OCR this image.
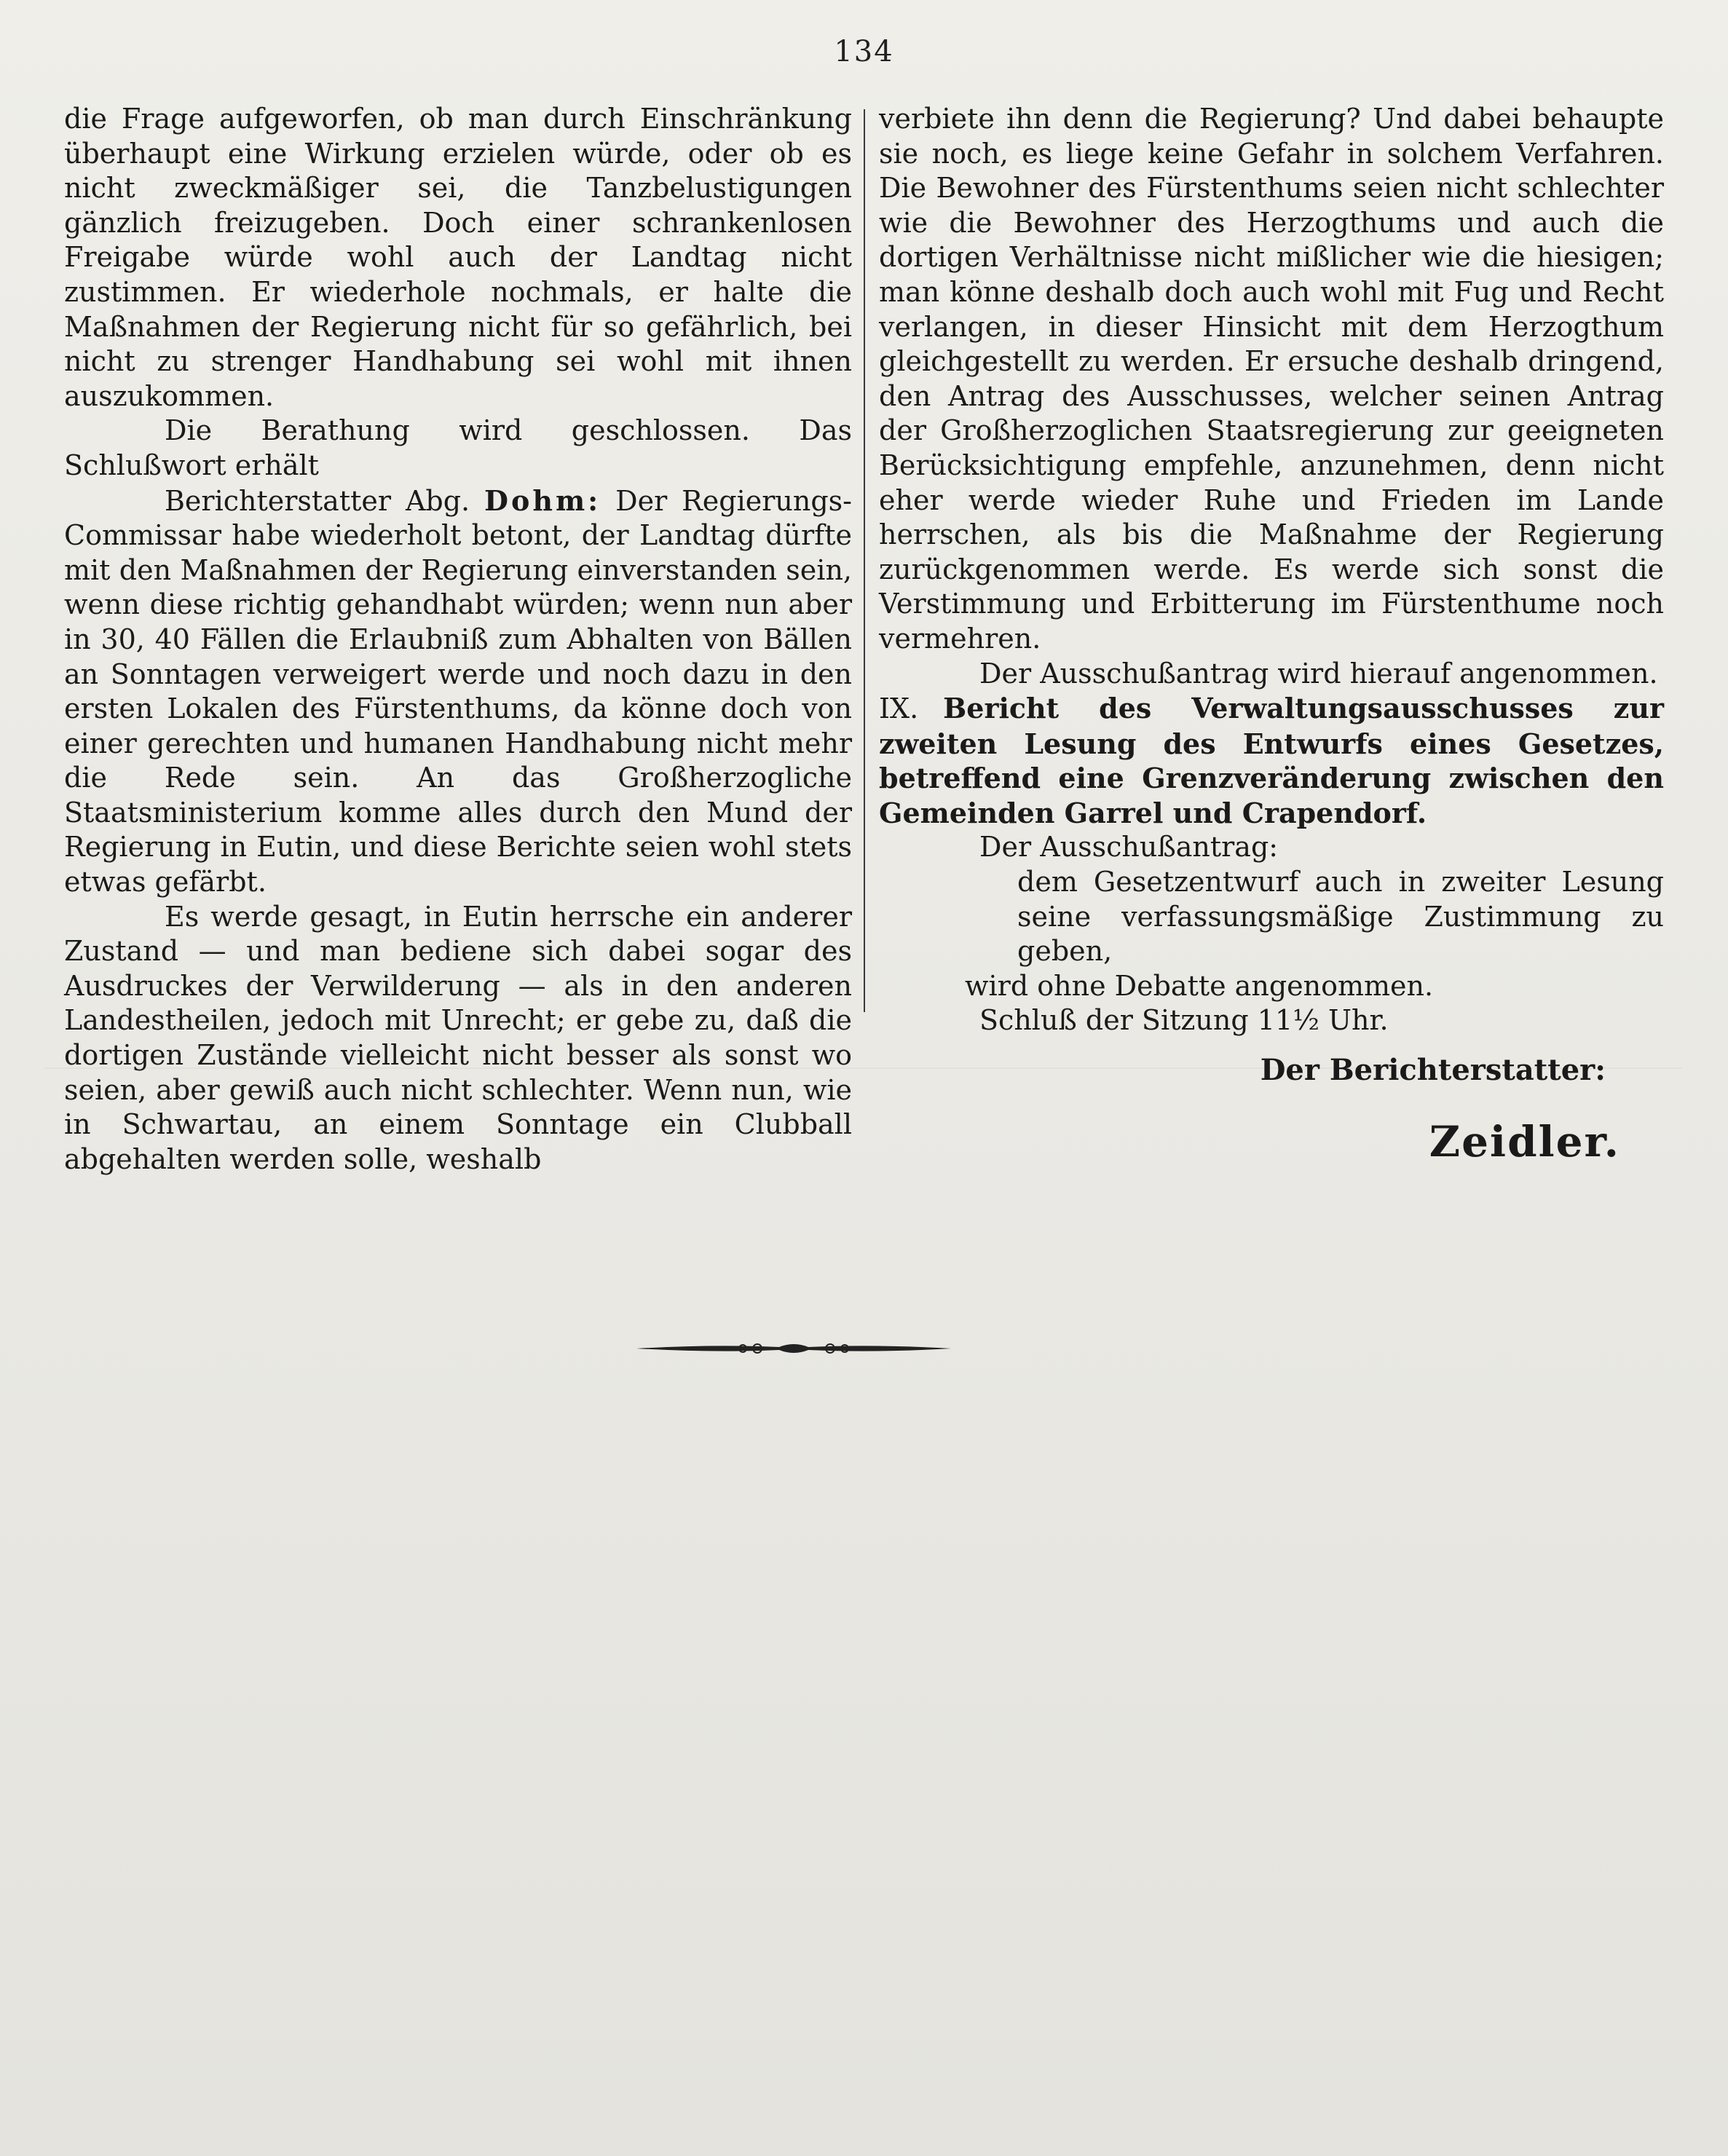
134

die Frage aufgeworfen, ob man durch Einschränkung überhaupt eine Wirkung erzielen würde, oder ob es nicht zweckmäßiger sei, die Tanzbelustigungen gänzlich freizugeben. Doch einer schrankenlosen Freigabe würde wohl auch der Landtag nicht zustimmen. Er wiederhole nochmals, er halte die Maßnahmen der Regierung nicht für so gefährlich, bei nicht zu strenger Handhabung sei wohl mit ihnen auszukommen.

Die Berathung wird geschlossen. Das Schlußwort erhält

Berichterstatter Abg. Dohm: Der Regierungs-Commissar habe wiederholt betont, der Landtag dürfte mit den Maßnahmen der Regierung einverstanden sein, wenn diese richtig gehandhabt würden; wenn nun aber in 30, 40 Fällen die Erlaubniß zum Abhalten von Bällen an Sonntagen verweigert werde und noch dazu in den ersten Lokalen des Fürstenthums, da könne doch von einer gerechten und humanen Handhabung nicht mehr die Rede sein. An das Großherzogliche Staatsministerium komme alles durch den Mund der Regierung in Eutin, und diese Berichte seien wohl stets etwas gefärbt.

Es werde gesagt, in Eutin herrsche ein anderer Zustand — und man bediene sich dabei sogar des Ausdruckes der Verwilderung — als in den anderen Landestheilen, jedoch mit Unrecht; er gebe zu, daß die dortigen Zustände vielleicht nicht besser als sonst wo seien, aber gewiß auch nicht schlechter. Wenn nun, wie in Schwartau, an einem Sonntage ein Clubball abgehalten werden solle, weshalb

verbiete ihn denn die Regierung? Und dabei behaupte sie noch, es liege keine Gefahr in solchem Verfahren. Die Bewohner des Fürstenthums seien nicht schlechter wie die Bewohner des Herzogthums und auch die dortigen Verhältnisse nicht mißlicher wie die hiesigen; man könne deshalb doch auch wohl mit Fug und Recht verlangen, in dieser Hinsicht mit dem Herzogthum gleichgestellt zu werden. Er ersuche deshalb dringend, den Antrag des Ausschusses, welcher seinen Antrag der Großherzoglichen Staatsregierung zur geeigneten Berücksichtigung empfehle, anzunehmen, denn nicht eher werde wieder Ruhe und Frieden im Lande herrschen, als bis die Maßnahme der Regierung zurückgenommen werde. Es werde sich sonst die Verstimmung und Erbitterung im Fürstenthume noch vermehren.

Der Ausschußantrag wird hierauf angenommen.

IX. Bericht des Verwaltungsausschusses zur zweiten Lesung des Entwurfs eines Gesetzes, betreffend eine Grenzveränderung zwischen den Gemeinden Garrel und Crapendorf.

Der Ausschußantrag:

dem Gesetzentwurf auch in zweiter Lesung seine verfassungsmäßige Zustimmung zu geben,

wird ohne Debatte angenommen.

Schluß der Sitzung 11½ Uhr.

Der Berichterstatter:

Zeidler.
